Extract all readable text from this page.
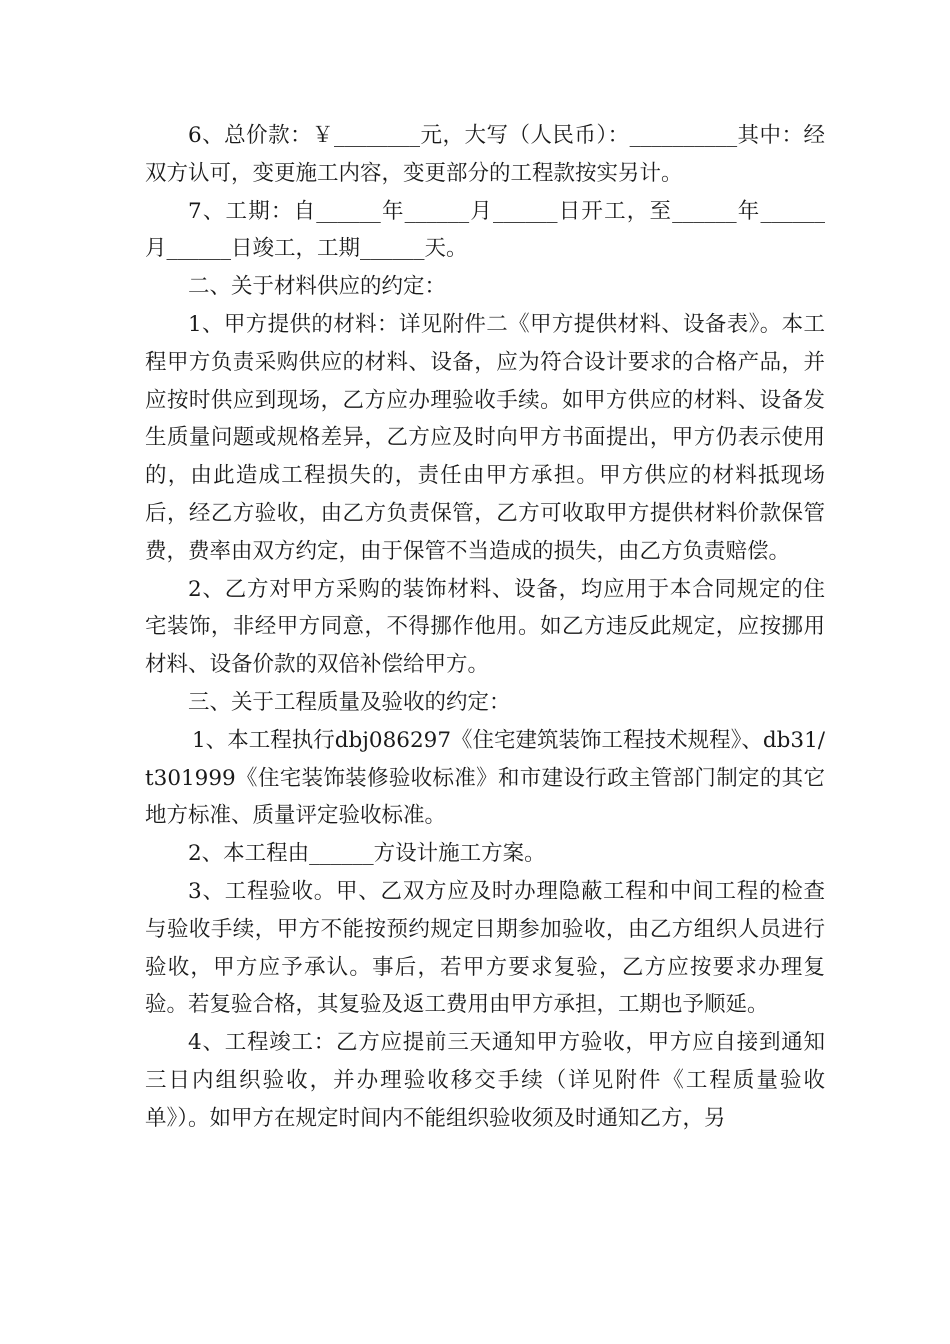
6、总价款：￥________元，大写（人民币）：__________其中：经双方认可，变更施工内容，变更部分的工程款按实另计。

7、工期：自______年______月______日开工，至______年______月______日竣工，工期______天。

二、关于材料供应的约定：

1、甲方提供的材料：详见附件二《甲方提供材料、设备表》。本工程甲方负责采购供应的材料、设备，应为符合设计要求的合格产品，并应按时供应到现场，乙方应办理验收手续。如甲方供应的材料、设备发生质量问题或规格差异，乙方应及时向甲方书面提出，甲方仍表示使用的，由此造成工程损失的，责任由甲方承担。甲方供应的材料抵现场后，经乙方验收，由乙方负责保管，乙方可收取甲方提供材料价款保管费，费率由双方约定，由于保管不当造成的损失，由乙方负责赔偿。

2、乙方对甲方采购的装饰材料、设备，均应用于本合同规定的住宅装饰，非经甲方同意，不得挪作他用。如乙方违反此规定，应按挪用材料、设备价款的双倍补偿给甲方。

三、关于工程质量及验收的约定：

1、本工程执行dbj086297《住宅建筑装饰工程技术规程》、db31/t301999《住宅装饰装修验收标准》和市建设行政主管部门制定的其它地方标准、质量评定验收标准。

2、本工程由______方设计施工方案。

3、工程验收。甲、乙双方应及时办理隐蔽工程和中间工程的检查与验收手续，甲方不能按预约规定日期参加验收，由乙方组织人员进行验收，甲方应予承认。事后，若甲方要求复验，乙方应按要求办理复验。若复验合格，其复验及返工费用由甲方承担，工期也予顺延。

4、工程竣工：乙方应提前三天通知甲方验收，甲方应自接到通知三日内组织验收，并办理验收移交手续（详见附件《工程质量验收单》）。如甲方在规定时间内不能组织验收须及时通知乙方，另
